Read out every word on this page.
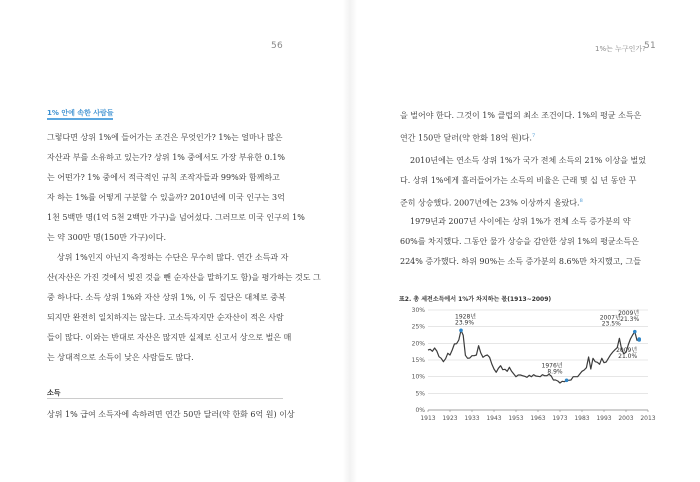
56
1% 안에 속한 사람들
그렇다면 상위 1%에 들어가는 조건은 무엇인가? 1%는 얼마나 많은
자산과 부를 소유하고 있는가? 상위 1% 중에서도 가장 부유한 0.1%
는 어떤가? 1% 중에서 적극적인 규칙 조작자들과 99%와 함께하고
자 하는 1%를 어떻게 구분할 수 있을까? 2010년에 미국 인구는 3억
1천 5백만 명(1억 5천 2백만 가구)을 넘어섰다. 그러므로 미국 인구의 1%
는 약 300만 명(150만 가구)이다.
상위 1%인지 아닌지 측정하는 수단은 무수히 많다. 연간 소득과 자
산(자산은 가진 것에서 빚진 것을 뺀 순자산을 말하기도 함)을 평가하는 것도 그
중 하나다. 소득 상위 1%와 자산 상위 1%, 이 두 집단은 대체로 중복
되지만 완전히 일치하지는 않는다. 고소득자지만 순자산이 적은 사람
들이 많다. 이와는 반대로 자산은 많지만 실제로 신고서 상으로 벌은 매
는 상대적으로 소득이 낮은 사람들도 많다.
소득
상위 1% 급여 소득자에 속하려면 연간 50만 달러(약 한화 6억 원) 이상
1%는 누구인가?
51
을 벌어야 한다. 그것이 1% 클럽의 최소 조건이다. 1%의 평균 소득은
연간 150만 달러(약 한화 18억 원)다.$^7$
2010년에는 연소득 상위 1%가 국가 전체 소득의 21% 이상을 벌었
다. 상위 1%에게 흘러들어가는 소득의 비율은 근래 몇 십 년 동안 꾸
준히 상승했다. 2007년에는 23% 이상까지 올랐다.$^8$
1979년과 2007년 사이에는 상위 1%가 전체 소득 증가분의 약
60%를 차지했다. 그동안 물가 상승을 감안한 상위 1%의 평균소득은
224% 증가했다. 하위 90%는 소득 증가분의 8.6%만 차지했고, 그들
표2. 총 세전소득에서 1%가 차지하는 몫(1913~2009)
0%
5%
10%
15%
20%
25%
30%
1913 1923 1933 1943 1953 1963 1973 1983 1993 2003 2013
1928년
23.9%
2007년
23.5%
1976년
8.9%
2009년
21.3%
2009년
21.0%
